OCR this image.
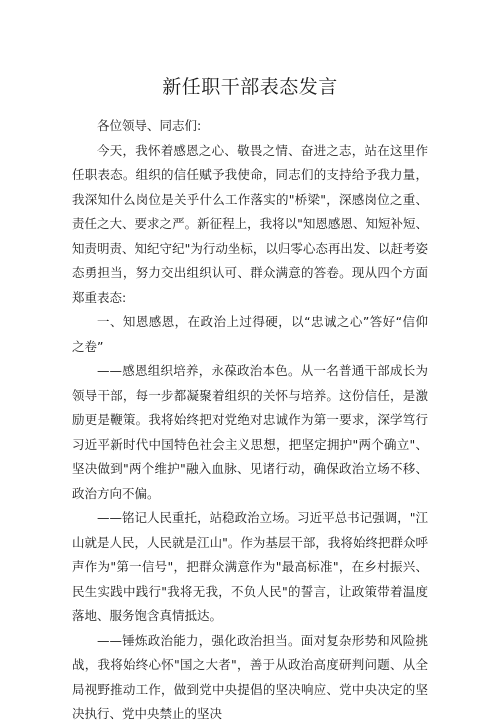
新任职干部表态发言

各位领导、同志们:

今天，我怀着感恩之心、敬畏之情、奋进之志，站在这里作任职表态。组织的信任赋予我使命，同志们的支持给予我力量，我深知什么岗位是关乎什么工作落实的"桥梁"，深感岗位之重、责任之大、要求之严。新征程上，我将以"知恩感恩、知短补短、知责明责、知纪守纪"为行动坐标，以归零心态再出发、以赶考姿态勇担当，努力交出组织认可、群众满意的答卷。现从四个方面郑重表态:

一、知恩感恩，在政治上过得硬，以“忠诚之心”答好“信仰之卷”

——感恩组织培养，永葆政治本色。从一名普通干部成长为领导干部，每一步都凝聚着组织的关怀与培养。这份信任，是激励更是鞭策。我将始终把对党绝对忠诚作为第一要求，深学笃行习近平新时代中国特色社会主义思想，把坚定拥护"两个确立"、坚决做到"两个维护"融入血脉、见诸行动，确保政治立场不移、政治方向不偏。

——铭记人民重托，站稳政治立场。习近平总书记强调，"江山就是人民，人民就是江山"。作为基层干部，我将始终把群众呼声作为"第一信号"，把群众满意作为"最高标准"，在乡村振兴、民生实践中践行"我将无我，不负人民"的誓言，让政策带着温度落地、服务饱含真情抵达。

——锤炼政治能力，强化政治担当。面对复杂形势和风险挑战，我将始终心怀"国之大者"，善于从政治高度研判问题、从全局视野推动工作，做到党中央提倡的坚决响应、党中央决定的坚决执行、党中央禁止的坚决
